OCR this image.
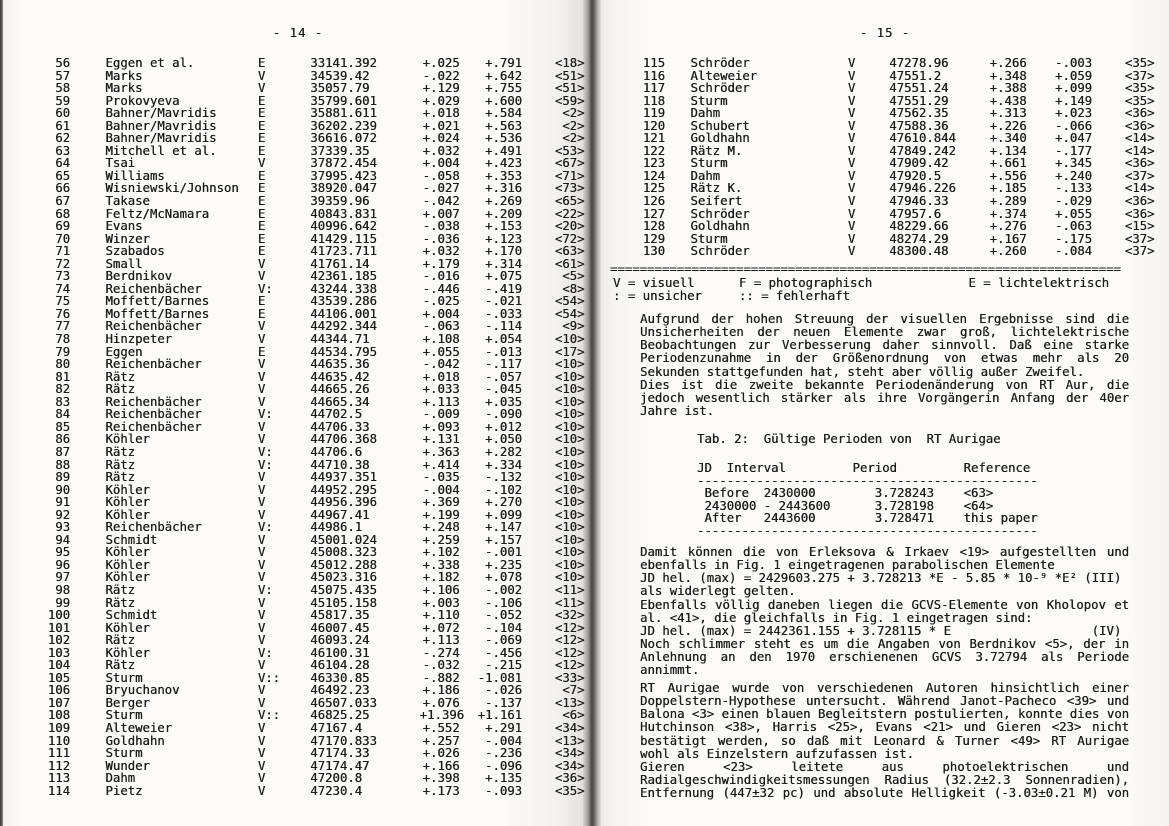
- 14 -	- 15 -
56	Eggen et al.	E	33141.392	+.025 +.791	<18>
57	Marks	V	34539.42	-.022 +.642	<51>
58	Marks	V	35057.79	+.129 +.755	<51>
59	Prokovyeva	E	35799.601	+.029 +.600	<59>
60	Bahner/Mavridis	E	35881.611	+.018 +.584	<2>
61	Bahner/Mavridis	E	36202.239	+.021 +.563	<2>
62	Bahner/Mavridis	E	36616.072	+.024 +.536	<2>
63	Mitchell et al.	E	37339.35	+.032 +.491	<53>
64	Tsai	V	37872.454	+.004 +.423	<67>
65	Williams	E	37995.423	-.058 +.353	<71>
66	Wisniewski/Johnson E	38920.047	-.027 +.316	<73>
67	Takase	E	39359.96	-.042 +.269	<65>
68	Feltz/McNamara	E	40843.831	+.007 +.209	<22>
69	Evans	E	40996.642	-.038 +.153	<20>
70	Winzer	E	41429.115	-.036 +.123	<72>
71	Szabados	E	41723.711	+.032 +.170	<63>
72	Small	V	41761.14	+.179 +.314	<61>
73	Berdnikov	V	42361.185	-.016 +.075	<5>
74	Reichenbächer	V:	43244.338	-.446 -.419	<8>
75	Moffett/Barnes	E	43539.286	-.025 -.021	<54>
76	Moffett/Barnes	E	44106.001	+.004 -.033	<54>
77	Reichenbächer	V	44292.344	-.063 -.114	<9>
78	Hinzpeter	V	44344.71	+.108 +.054	<10>
79	Eggen	E	44534.795	+.055 -.013	<17>
80	Reichenbächer	V	44635.36	-.042 -.117	<10>
81	Rätz	V	44635.42	+.018 -.057	<10>
82	Rätz	V	44665.26	+.033 -.045	<10>
83	Reichenbächer	V	44665.34	+.113 +.035	<10>
84	Reichenbächer	V:	44702.5	-.009 -.090	<10>
85	Reichenbächer	V	44706.33	+.093 +.012	<10>
86	Köhler	V	44706.368	+.131 +.050	<10>
87	Rätz	V:	44706.6	+.363 +.282	<10>
88	Rätz	V:	44710.38	+.414 +.334	<10>
89	Rätz	V	44937.351	-.035 -.132	<10>
90	Köhler	V	44952.295	-.004 -.102	<10>
91	Köhler	V	44956.396	+.369 +.270	<10>
92	Köhler	V	44967.41	+.199 +.099	<10>
93	Reichenbächer	V:	44986.1	+.248 +.147	<10>
94	Schmidt	V	45001.024	+.259 +.157	<10>
95	Köhler	V	45008.323	+.102 -.001	<10>
96	Köhler	V	45012.288	+.338 +.235	<10>
97	Köhler	V	45023.316	+.182 +.078	<10>
98	Rätz	V:	45075.435	+.106 -.002	<11>
99	Rätz	V	45105.158	+.003 -.106	<11>
100	Schmidt	V	45817.35	+.110 -.052	<32>
101	Köhler	V	46007.45	+.072 -.104	<12>
102	Rätz	V	46093.24	+.113 -.069	<12>
103	Köhler	V:	46100.31	-.274 -.456	<12>
104	Rätz	V	46104.28	-.032 -.215	<12>
105	Sturm	V:: 46330.85	-.882 -1.081	<33>
106	Bryuchanov	V	46492.23	+.186 -.026	<7>
107	Berger	V	46507.033	+.076 -.137	<13>
108	Sturm	V:: 46825.25	+1.396 +1.161	<6>
109	Alteweier	V	47167.4	+.552 +.291	<34>
110	Goldhahn	V	47170.833	+.257 -.004	<13>
111	Sturm	V	47174.33	+.026 -.236	<34>
112	Wunder	V	47174.47	+.166 -.096	<34>
113	Dahm	V	47200.8	+.398 +.135	<36>
114	Pietz	V	47230.4	+.173 -.093	<35>
115 Schröder	V	47278.96	+.266 -.003	<35>
116 Alteweier	V	47551.2	+.348 +.059	<37>
117 Schröder	V	47551.24	+.388 +.099	<35>
118 Sturm	V	47551.29	+.438 +.149	<35>
119 Dahm	V	47562.35	+.313 +.023	<36>
120 Schubert	V	47588.36	+.226 -.066	<36>
121 Goldhahn	V	47610.844	+.340 +.047	<14>
122 Rätz M.	V	47849.242	+.134 -.177	<14>
123 Sturm	V	47909.42	+.661 +.345	<36>
124 Dahm	V	47920.5	+.556 +.240	<37>
125 Rätz K.	V	47946.226	+.185 -.133	<14>
126 Seifert	V	47946.33	+.289 -.029	<36>
127 Schröder	V	47957.6	+.374 +.055	<36>
128 Goldhahn	V	48229.66	+.276 -.063	<15>
129 Sturm	V	48274.29	+.167 -.175	<37>
130 Schröder	V	48300.48	+.260 -.084	<37>
=====================================================================
V = visuell      F = photographisch             E = lichtelektrisch
: = unsicher     :: = fehlerhaft
Aufgrund der hohen Streuung der visuellen Ergebnisse sind die
Unsicherheiten der neuen Elemente zwar groß, lichtelektrische
Beobachtungen zur Verbesserung daher sinnvoll. Daß eine starke
Periodenzunahme in der Größenordnung von etwas mehr als 20
Sekunden stattgefunden hat, steht aber völlig außer Zweifel.
Dies ist die zweite bekannte Periodenänderung von RT Aur, die
jedoch wesentlich stärker als ihre Vorgängerin Anfang der 40er
Jahre ist.
Tab. 2:  Gültige Perioden von  RT Aurigae
JD  Interval         Period         Reference
----------------------------------------------
Before  2430000        3.728243    <63>
2430000 - 2443600      3.728198    <64>
After   2443600        3.728471    this paper
----------------------------------------------
Damit können die von Erleksova & Irkaev <19> aufgestellten und
ebenfalls in Fig. 1 eingetragenen parabolischen Elemente
JD hel. (max) = 2429603.275 + 3.728213 *E - 5.85 * 10-⁹ *E² (III)
als widerlegt gelten.
Ebenfalls völlig daneben liegen die GCVS-Elemente von Kholopov et
al. <41>, die gleichfalls in Fig. 1 eingetragen sind:
JD hel. (max) = 2442361.155 + 3.728115 * E                   (IV)
Noch schlimmer steht es um die Angaben von Berdnikov <5>, der in
Anlehnung an den 1970 erschienenen GCVS 3.72794 als Periode
annimmt.
RT Aurigae wurde von verschiedenen Autoren hinsichtlich einer
Doppelstern-Hypothese untersucht. Während Janot-Pacheco <39> und
Balona <3> einen blauen Begleitstern postulierten, konnte dies von
Hutchinson <38>, Harris <25>, Evans <21> und Gieren <23> nicht
bestätigt werden, so daß mit Leonard & Turner <49> RT Aurigae
wohl als Einzelstern aufzufassen ist.
Gieren <23> leitete aus photoelektrischen und
Radialgeschwindigkeitsmessungen Radius (32.2±2.3 Sonnenradien),
Entfernung (447±32 pc) und absolute Helligkeit (-3.03±0.21 M) von
